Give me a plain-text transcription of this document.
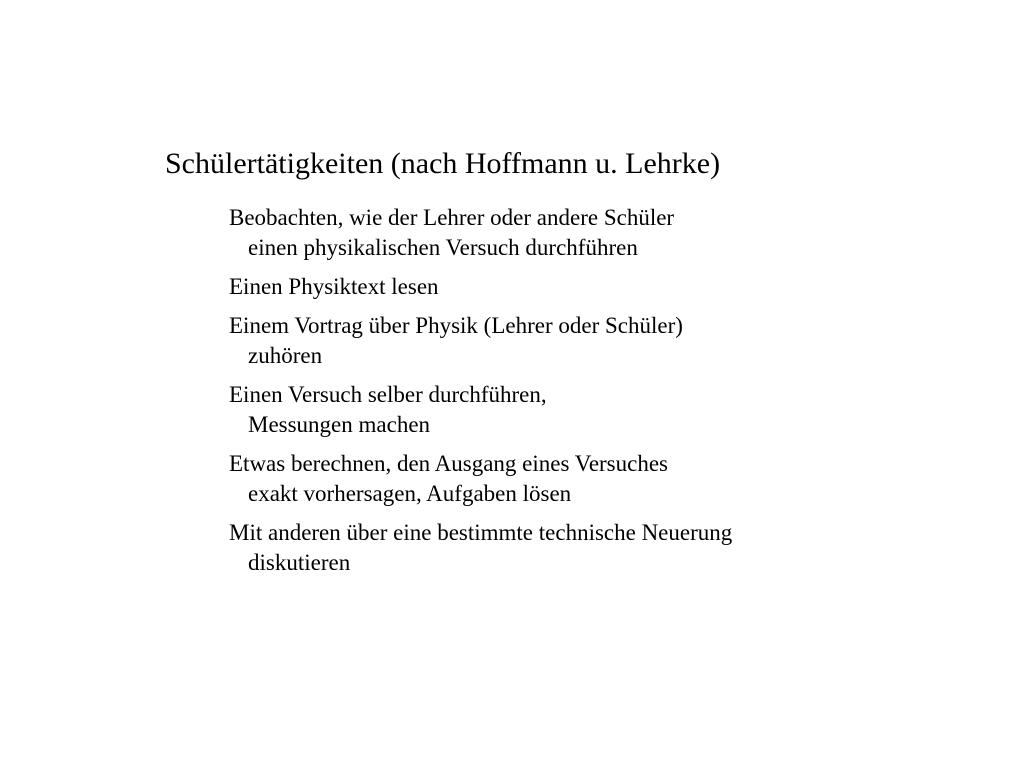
Schülertätigkeiten (nach Hoffmann u. Lehrke)
Beobachten, wie der Lehrer oder andere Schüler
einen physikalischen Versuch durchführen
Einen Physiktext lesen
Einem Vortrag über Physik (Lehrer oder Schüler)
zuhören
Einen Versuch selber durchführen,
Messungen machen
Etwas berechnen, den Ausgang eines Versuches
exakt vorhersagen, Aufgaben lösen
Mit anderen über eine bestimmte technische Neuerung
diskutieren
